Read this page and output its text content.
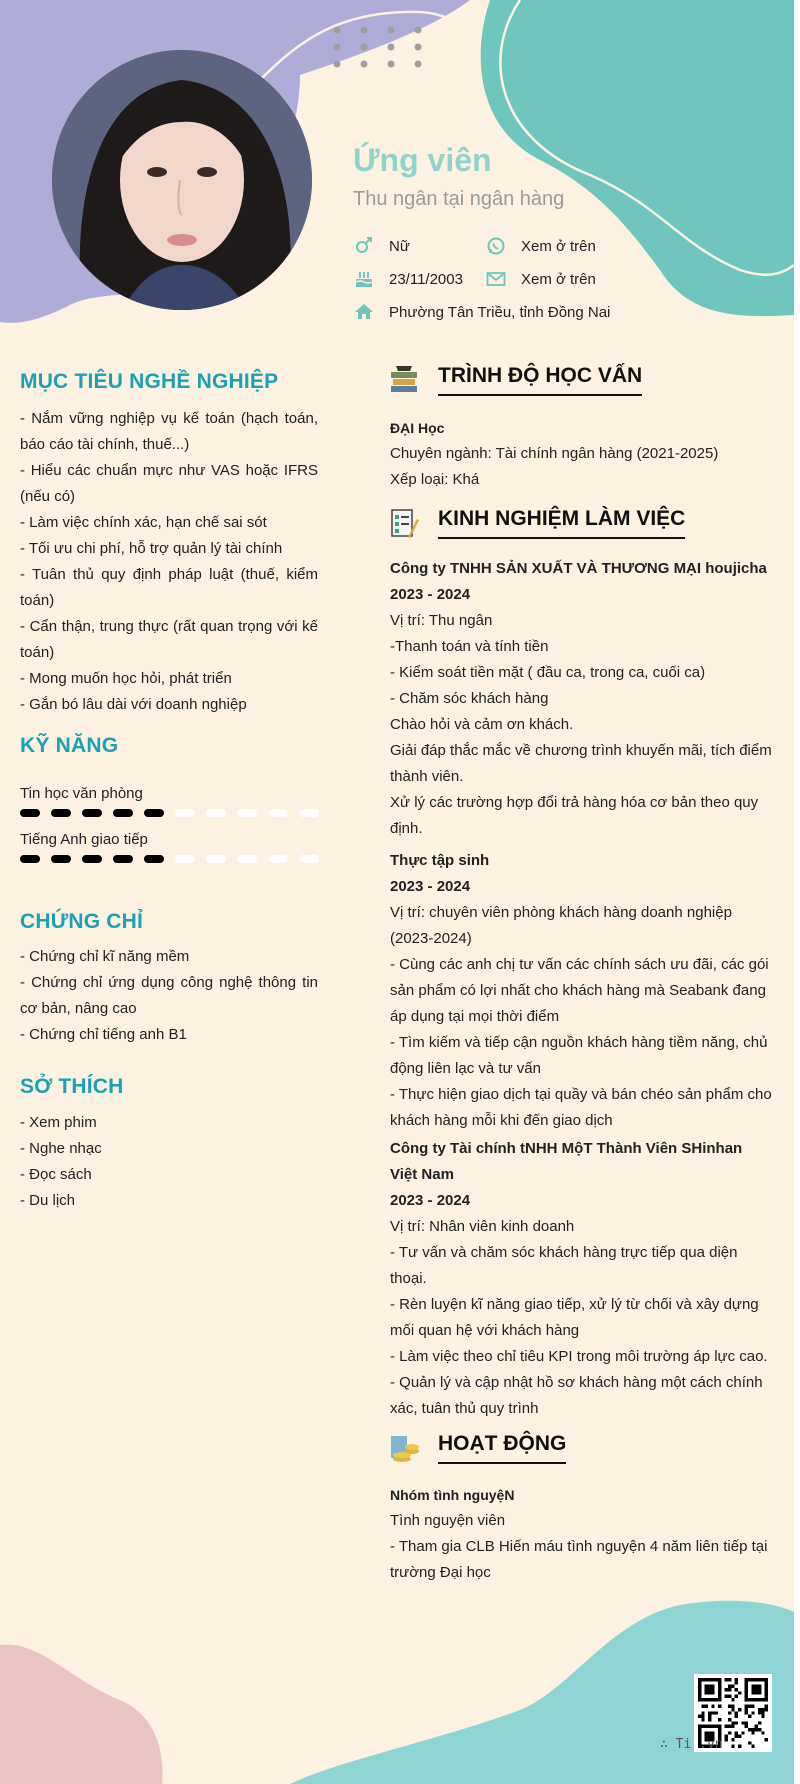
Ứng viên
Thu ngân tại ngân hàng
Nữ	Xem ở trên
23/11/2003	Xem ở trên
Phường Tân Triều, tỉnh Đồng Nai
MỤC TIÊU NGHỀ NGHIỆP

- Nắm vững nghiệp vụ kế toán (hạch toán, báo cáo tài chính, thuế...)

- Hiểu các chuẩn mực như VAS hoặc IFRS (nếu có)

- Làm việc chính xác, hạn chế sai sót

- Tối ưu chi phí, hỗ trợ quản lý tài chính

- Tuân thủ quy định pháp luật (thuế, kiểm toán)

- Cẩn thận, trung thực (rất quan trọng với kế toán)

- Mong muốn học hỏi, phát triển

- Gắn bó lâu dài với doanh nghiệp

KỸ NĂNG
Tin học văn phòng
Tiếng Anh giao tiếp
CHỨNG CHỈ

- Chứng chỉ kĩ năng mềm

- Chứng chỉ ứng dụng công nghệ thông tin cơ bản, nâng cao

- Chứng chỉ tiếng anh B1

SỞ THÍCH

- Xem phim

- Nghe nhạc

- Đọc sách

- Du lịch

TRÌNH ĐỘ HỌC VẤN

ĐẠI Học

Chuyên ngành: Tài chính ngân hàng (2021-2025)

Xếp loại: Khá

KINH NGHIỆM LÀM VIỆC

Công ty TNHH SẢN XUẤT VÀ THƯƠNG MẠI houjicha

2023 - 2024

Vị trí: Thu ngân

-Thanh toán và tính tiền

- Kiểm soát tiền mặt ( đầu ca, trong ca, cuối ca)

- Chăm sóc khách hàng

Chào hỏi và cảm ơn khách.

Giải đáp thắc mắc về chương trình khuyến mãi, tích điểm thành viên.

Xử lý các trường hợp đổi trả hàng hóa cơ bản theo quy định.

Thực tập sinh

2023 - 2024

Vị trí: chuyên viên phòng khách hàng doanh nghiệp (2023-2024)

- Cùng các anh chị tư vấn các chính sách ưu đãi, các gói sản phẩm có lợi nhất cho khách hàng mà Seabank đang áp dụng tại mọi thời điểm

- Tìm kiếm và tiếp cận nguồn khách hàng tiềm năng, chủ động liên lạc và tư vấn

- Thực hiện giao dịch tại quầy và bán chéo sản phẩm cho khách hàng mỗi khi đến giao dịch

Công ty Tài chính tNHH MộT Thành Viên SHinhan Việt Nam

2023 - 2024

Vị trí: Nhân viên kinh doanh

- Tư vấn và chăm sóc khách hàng trực tiếp qua diện thoại.

- Rèn luyện kĩ năng giao tiếp, xử lý từ chối và xây dựng mối quan hệ với khách hàng

- Làm việc theo chỉ tiêu KPI trong môi trường áp lực cao.

- Quản lý và cập nhật hồ sơ khách hàng một cách chính xác, tuân thủ quy trình

HOẠT ĐỘNG

Nhóm tình nguyệN

Tình nguyện viên

- Tham gia CLB Hiến máu tình nguyện 4 năm liên tiếp tại trường Đại học

∴ Ti .vn
